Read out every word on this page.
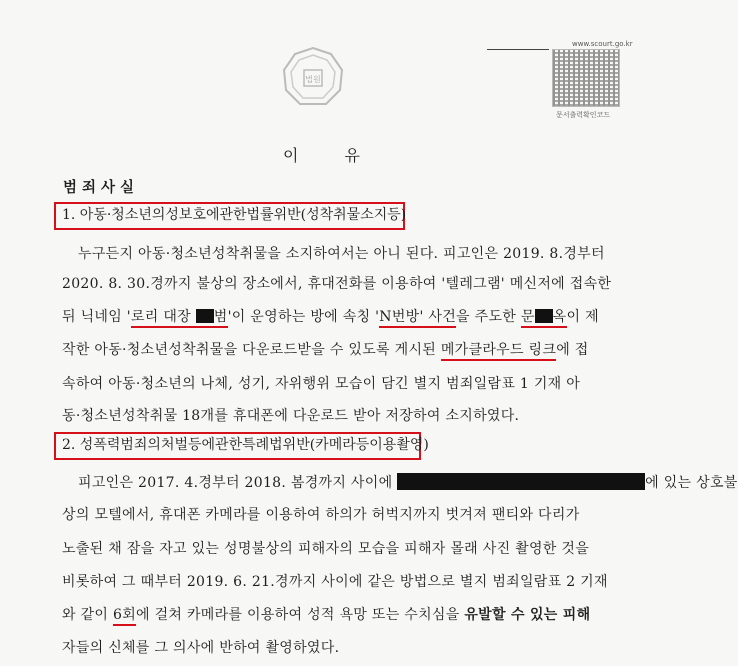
법원
www.scourt.go.kr
문서출력확인코드
이	유
범죄사실
1. 아동·청소년의성보호에관한법률위반(성착취물소지등)
누구든지 아동·청소년성착취물을 소지하여서는 아니 된다. 피고인은 2019. 8.경부터
2020. 8. 30.경까지 불상의 장소에서, 휴대전화를 이용하여 '텔레그램' 메신저에 접속한
뒤 닉네임 '로리 대장 범'이 운영하는 방에 속칭 'N번방' 사건을 주도한 문 옥이 제
작한 아동·청소년성착취물을 다운로드받을 수 있도록 게시된 메가클라우드 링크에 접
속하여 아동·청소년의 나체, 성기, 자위행위 모습이 담긴 별지 범죄일람표 1 기재 아
동·청소년성착취물 18개를 휴대폰에 다운로드 받아 저장하여 소지하였다.
2. 성폭력범죄의처벌등에관한특례법위반(카메라등이용촬영)
피고인은 2017. 4.경부터 2018. 봄경까지 사이에	에 있는 상호불
상의 모텔에서, 휴대폰 카메라를 이용하여 하의가 허벅지까지 벗겨져 팬티와 다리가
노출된 채 잠을 자고 있는 성명불상의 피해자의 모습을 피해자 몰래 사진 촬영한 것을
비롯하여 그 때부터 2019. 6. 21.경까지 사이에 같은 방법으로 별지 범죄일람표 2 기재
와 같이 6회에 걸쳐 카메라를 이용하여 성적 욕망 또는 수치심을 유발할 수 있는 피해
자들의 신체를 그 의사에 반하여 촬영하였다.
